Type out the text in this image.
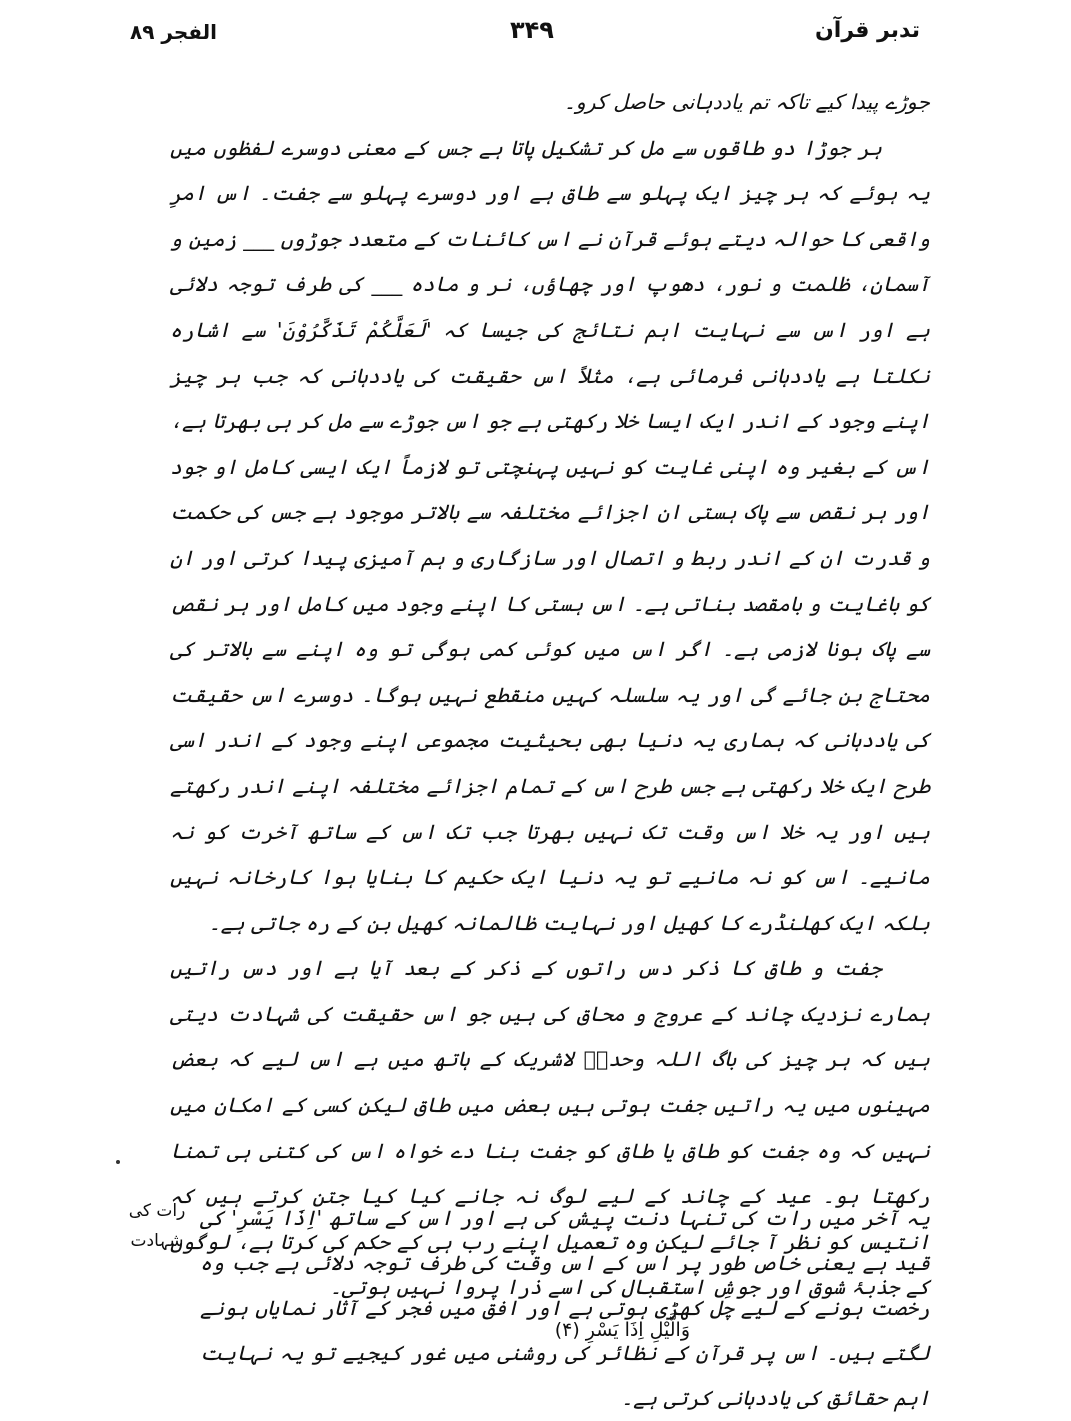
الفجر ۸۹	۳۴۹	تدبر قرآن

جوڑے پیدا کیے تاکہ تم یاددہانی حاصل کرو۔

ہر جوڑا دو طاقوں سے مل کر تشکیل پاتا ہے جس کے معنی دوسرے لفظوں میں یہ ہوئے کہ ہر چیز ایک پہلو سے طاق ہے اور دوسرے پہلو سے جفت۔ اس امرِ واقعی کا حوالہ دیتے ہوئے قرآن نے اس کائنات کے متعدد جوڑوں ___ زمین و آسمان، ظلمت و نور، دھوپ اور چھاؤں، نر و مادہ ___ کی طرف توجہ دلائی ہے اور اس سے نہایت اہم نتائج کی جیسا کہ 'لَعَلَّكُمْ تَذَكَّرُوْنَ' سے اشارہ نکلتا ہے یاددہانی فرمائی ہے، مثلاً اس حقیقت کی یاددہانی کہ جب ہر چیز اپنے وجود کے اندر ایک ایسا خلا رکھتی ہے جو اس جوڑے سے مل کر ہی بھرتا ہے، اس کے بغیر وہ اپنی غایت کو نہیں پہنچتی تو لازماً ایک ایسی کامل او جود اور ہر نقص سے پاک ہستی ان اجزائے مختلفہ سے بالاتر موجود ہے جس کی حکمت و قدرت ان کے اندر ربط و اتصال اور سازگاری و ہم آمیزی پیدا کرتی اور ان کو باغایت و بامقصد بناتی ہے۔ اس ہستی کا اپنے وجود میں کامل اور ہر نقص سے پاک ہونا لازمی ہے۔ اگر اس میں کوئی کمی ہوگی تو وہ اپنے سے بالاتر کی محتاج بن جائے گی اور یہ سلسلہ کہیں منقطع نہیں ہوگا۔ دوسرے اس حقیقت کی یاددہانی کہ ہماری یہ دنیا بھی بحیثیت مجموعی اپنے وجود کے اندر اسی طرح ایک خلا رکھتی ہے جس طرح اس کے تمام اجزائے مختلفہ اپنے اندر رکھتے ہیں اور یہ خلا اس وقت تک نہیں بھرتا جب تک اس کے ساتھ آخرت کو نہ مانیے۔ اس کو نہ مانیے تو یہ دنیا ایک حکیم کا بنایا ہوا کارخانہ نہیں بلکہ ایک کھلنڈرے کا کھیل اور نہایت ظالمانہ کھیل بن کے رہ جاتی ہے۔

جفت و طاق کا ذکر دس راتوں کے ذکر کے بعد آیا ہے اور دس راتیں ہمارے نزدیک چاند کے عروج و محاق کی ہیں جو اس حقیقت کی شہادت دیتی ہیں کہ ہر چیز کی باگ اللہ وحدہٗ لاشریک کے ہاتھ میں ہے اس لیے کہ بعض مہینوں میں یہ راتیں جفت ہوتی ہیں بعض میں طاق لیکن کسی کے امکان میں نہیں کہ وہ جفت کو طاق یا طاق کو جفت بنا دے خواہ اس کی کتنی ہی تمنا رکھتا ہو۔ عید کے چاند کے لیے لوگ نہ جانے کیا کیا جتن کرتے ہیں کہ انتیس کو نظر آ جائے لیکن وہ تعمیل اپنے رب ہی کے حکم کی کرتا ہے، لوگوں کے جذبۂ شوق اور جوشِ استقبال کی اسے ذرا پروا نہیں ہوتی۔

وَالَّيْلِ اِذَا يَسْرِ (۴)

رات کی
شہادت

یہ آخر میں رات کی تنہا دنت پیش کی ہے اور اس کے ساتھ 'اِذَا يَسْرِ' کی قید ہے یعنی خاص طور پر اس کے اس وقت کی طرف توجہ دلائی ہے جب وہ رخصت ہونے کے لیے چل کھڑی ہوتی ہے اور افق میں فجر کے آثار نمایاں ہونے لگتے ہیں۔ اس پر قرآن کے نظائر کی روشنی میں غور کیجیے تو یہ نہایت اہم حقائق کی یاددہانی کرتی ہے۔
